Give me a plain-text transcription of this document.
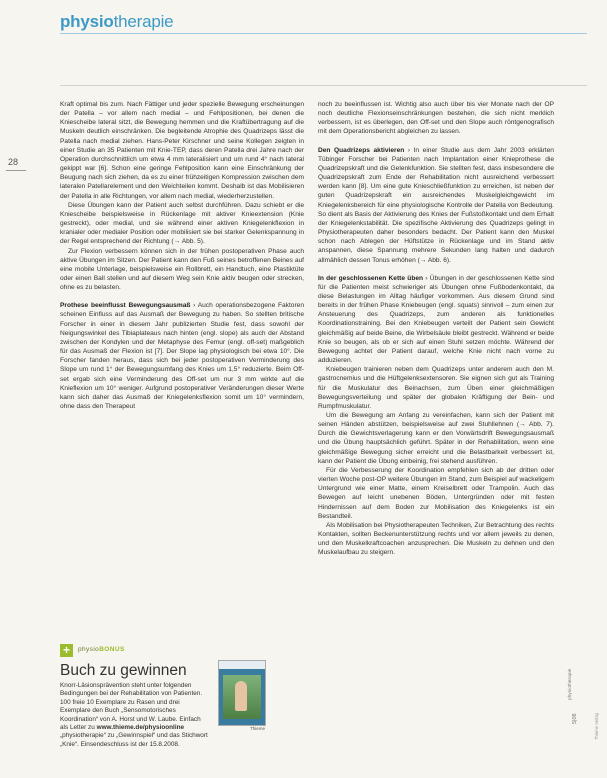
physiotherapie
28

Kraft optimal bis zum. Nach Fättiger und jeder spezielle Bewegung erscheinungen der Patella – vor allem nach medial – und Fehlpositionen, bei denen die Kniescheibe lateral sitzt, die Bewegung hemmen und die Kraftübertragung auf die Muskeln deutlich einschränken. Die begleitende Atrophie des Quadrizeps lässt die Patella nach medial ziehen. Hans-Peter Kirschner und seine Kollegen zeigten in einer Studie an 35 Patienten mit Knie-TEP, dass deren Patella drei Jahre nach der Operation durchschnittlich um etwa 4 mm lateralisiert und um rund 4° nach lateral gekippt war [6]. Schon eine geringe Fehlposition kann eine Einschränkung der Beugung nach sich ziehen, da es zu einer frühzeitigen Kompression zwischen dem lateralen Patellarelement und den Weichteilen kommt. Deshalb ist das Mobilisieren der Patella in alle Richtungen, vor allem nach medial, wiederherzustellen.

Diese Übungen kann der Patient auch selbst durchführen. Dazu schiebt er die Kniescheibe beispielsweise in Rückenlage mit aktiver Knieextension (Knie gestreckt), oder medial, und sie während einer aktiven Kniegelenkflexion in kranialer oder medialer Position oder mobilisiert sie bei starker Gelenkspannung in der Regel entsprechend der Richtung (→ Abb. 5).

Zur Flexion verbessern können sich in der frühen postoperativen Phase auch aktive Übungen im Sitzen. Der Patient kann den Fuß seines betroffenen Beines auf eine mobile Unterlage, beispielsweise ein Rollbrett, ein Handtuch, eine Plastiktüte oder einen Ball stellen und auf diesem Weg sein Knie aktiv beugen oder strecken, ohne es zu belasten.

Prothese beeinflusst Bewegungsausmaß › Auch operationsbezogene Faktoren scheinen Einfluss auf das Ausmaß der Bewegung zu haben. So stellten britische Forscher in einer in diesem Jahr publizierten Studie fest, dass sowohl der Neigungswinkel des Tibiaplateaus nach hinten (engl. slope) als auch der Abstand zwischen der Kondylen und der Metaphyse des Femur (engl. off-set) maßgeblich für das Ausmaß der Flexion ist [7]. Der Slope lag physiologisch bei etwa 10°. Die Forscher fanden heraus, dass sich bei jeder postoperativen Verminderung des Slope um rund 1° der Bewegungsumfang des Knies um 1,5° reduzierte. Beim Off-set ergab sich eine Verminderung des Off-set um nur 3 mm wirkte auf die Knieflexion um 10° weniger. Aufgrund postoperativer Veränderungen dieser Werte kann sich daher das Ausmaß der Kniegelenksflexion somit um 10° vermindern, ohne dass den Therapeut

noch zu beeinflussen ist. Wichtig also auch über bis vier Monate nach der OP noch deutliche Flexionseinschränkungen bestehen, die sich nicht merklich verbessern, ist es überlegen, den Off-set und den Slope auch röntgenografisch mit dem Operationsbericht abgleichen zu lassen.

Den Quadrizeps aktivieren › In einer Studie aus dem Jahr 2003 erklärten Tübinger Forscher bei Patienten nach Implantation einer Knieprothese die Quadrizepskraft und die Gelenkfunktion. Sie stellten fest, dass insbesondere die Quadrizepskraft zum Ende der Rehabilitation nicht ausreichend verbessert werden kann [8]. Um eine gute Knieschließfunktion zu erreichen, ist neben der guten Quadrizepskraft ein ausreichendes Muskelgleichgewicht im Kniegelenksbereich für eine physiologische Kontrolle der Patella von Bedeutung. So dient als Basis der Aktivierung des Knies der Fußstoßkontakt und dem Erhalt der Kniegelenkstabilität. Die spezifische Aktivierung des Quadrizeps gelingt in Physiotherapeuten daher besonders bedacht. Der Patient kann den Muskel schon nach Ablegen der Hüftstütze in Rückenlage und im Stand aktiv anspannen, diese Spannung mehrere Sekunden lang halten und dadurch allmählich dessen Tonus erhöhen (→ Abb. 6).

In der geschlossenen Kette üben › Übungen in der geschlossenen Kette sind für die Patienten meist schwieriger als Übungen ohne Fußbodenkontakt, da diese Belastungen im Alltag häufiger vorkommen. Aus diesem Grund sind bereits in der frühen Phase Kniebeugen (engl. squats) sinnvoll – zum einen zur Ansteuerung des Quadrizeps, zum anderen als funktionelles Koordinationstraining. Bei den Kniebeugen verteilt der Patient sein Gewicht gleichmäßig auf beide Beine, die Wirbelsäule bleibt gestreckt. Während er beide Knie so beugen, als ob er sich auf einen Stuhl setzen möchte. Während der Bewegung achtet der Patient darauf, welche Knie nicht nach vorne zu adduzieren.

Kniebeugen trainieren neben dem Quadrizeps unter anderem auch den M. gastrocnemius und die Hüftgelenksextensoren. Sie eignen sich gut als Training für die Muskulatur des Beinachsen, zum Üben einer gleichmäßigen Bewegungsverteilung und später der globalen Kräftigung der Bein- und Rumpfmuskulatur.

Um die Bewegung am Anfang zu vereinfachen, kann sich der Patient mit seinen Händen abstützen, beispielsweise auf zwei Stuhllehnen (→ Abb. 7). Durch die Gewichtsverlagerung kann er den Vorwärtsdrift Bewegungsausmaß und die Übung hauptsächlich geführt. Später in der Rehabilitation, wenn eine gleichmäßige Bewegung sicher erreicht und die Belastbarkeit verbessert ist, kann der Patient die Übung einbeinig, frei stehend ausführen.

Für die Verbesserung der Koordination empfehlen sich ab der dritten oder vierten Woche post-OP weitere Übungen im Stand, zum Beispiel auf wackeligem Untergrund wie einer Matte, einem Kreiselbrett oder Trampolin. Auch das Bewegen auf leicht unebenen Böden, Untergründen oder mit festen Hindernissen auf dem Boden zur Mobilisation des Kniegelenks ist ein Bestandteil.

Als Mobilisation bei Physiotherapeuten Techniken, Zur Betrachtung des rechts Kontakten, sollten Beckenunterstützung rechts und vor allem jeweils zu denen, und den Muskelkraftcoachen anzusprechen. Die Muskeln zu dehnen und den Muskelaufbau zu steigern.

+	physioBONUS
Buch zu gewinnen
Knorr-Läsionsprävention steht unter folgenden Bedingungen bei der Rehabilitation von Patienten. 100 freie 10 Exemplare zu Rasen und drei Exemplare den Buch „Sensomotorisches Koordination“ von A. Horst und W. Laube. Einfach als Letter zu www.thieme.de/physioonline „physiotherapie“ zu „Gewinnspiel“ und das Stichwort „Knie“. Einsendeschluss ist der 15.8.2008.
Thieme
physiotherapie
5|08	Thieme Verlag
